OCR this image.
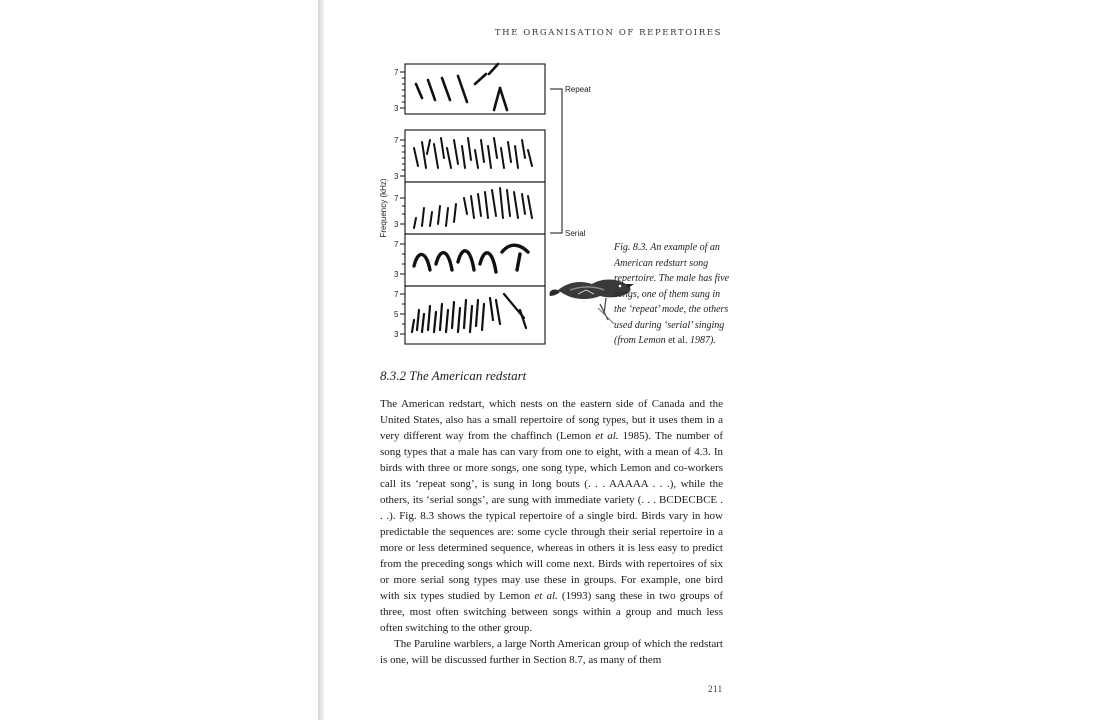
THE ORGANISATION OF REPERTOIRES
Frequency (kHz)
7
3
7
3
7
3
7
3
7
5
3
Repeat
Serial
Fig. 8.3. An example of an American redstart song repertoire. The male has five songs, one of them sung in the ‘repeat’ mode, the others used during ‘serial’ singing (from Lemon et al. 1987).
8.3.2 The American redstart

The American redstart, which nests on the eastern side of Canada and the United States, also has a small repertoire of song types, but it uses them in a very different way from the chaffinch (Lemon et al. 1985). The number of song types that a male has can vary from one to eight, with a mean of 4.3. In birds with three or more songs, one song type, which Lemon and co-workers call its ‘repeat song’, is sung in long bouts (. . . AAAAA . . .), while the others, its ‘serial songs’, are sung with immediate variety (. . . BCDECBCE . . .). Fig. 8.3 shows the typical repertoire of a single bird. Birds vary in how predictable the sequences are: some cycle through their serial repertoire in a more or less determined sequence, whereas in others it is less easy to predict from the preceding songs which will come next. Birds with repertoires of six or more serial song types may use these in groups. For example, one bird with six types studied by Lemon et al. (1993) sang these in two groups of three, most often switching between songs within a group and much less often switching to the other group.

The Paruline warblers, a large North American group of which the redstart is one, will be discussed further in Section 8.7, as many of them

211
